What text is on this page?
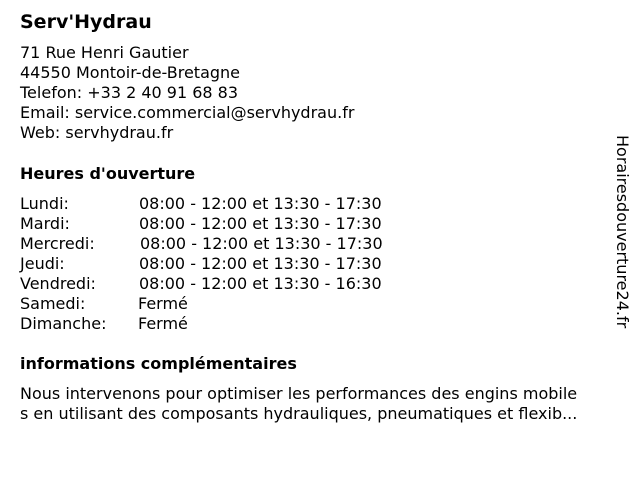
Serv'Hydrau
71 Rue Henri Gautier
44550 Montoir-de-Bretagne
Telefon: +33 2 40 91 68 83
Email: service.commercial@servhydrau.fr
Web: servhydrau.fr
Heures d'ouverture
Lundi:	08:00 - 12:00 et 13:30 - 17:30
Mardi:	08:00 - 12:00 et 13:30 - 17:30
Mercredi:	08:00 - 12:00 et 13:30 - 17:30
Jeudi:	08:00 - 12:00 et 13:30 - 17:30
Vendredi:	08:00 - 12:00 et 13:30 - 16:30
Samedi:	Fermé
Dimanche: Fermé
informations complémentaires
Nous intervenons pour optimiser les performances des engins mobile
s en utilisant des composants hydrauliques, pneumatiques et flexib...
Horairesdouverture24.fr
